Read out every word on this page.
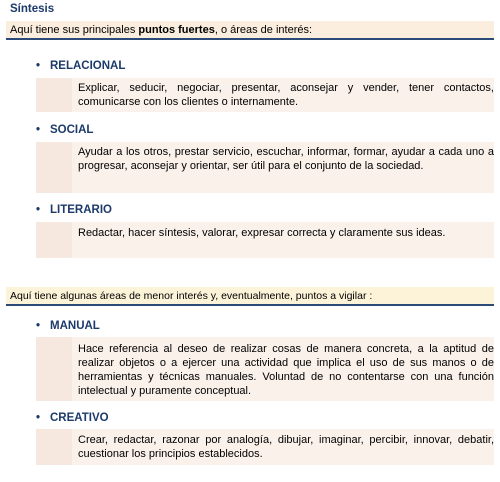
Síntesis
Aquí tiene sus principales puntos fuertes, o áreas de interés:
• RELACIONAL
Explicar, seducir, negociar, presentar, aconsejar y vender, tener contactos, comunicarse con los clientes o internamente.
• SOCIAL
Ayudar a los otros, prestar servicio, escuchar, informar, formar, ayudar a cada uno a progresar, aconsejar y orientar, ser útil para el conjunto de la sociedad.
• LITERARIO
Redactar, hacer síntesis, valorar, expresar correcta y claramente sus ideas.
Aquí tiene algunas áreas de menor interés y, eventualmente, puntos a vigilar :
• MANUAL
Hace referencia al deseo de realizar cosas de manera concreta, a la aptitud de realizar objetos o a ejercer una actividad que implica el uso de sus manos o de herramientas y técnicas manuales. Voluntad de no contentarse con una función intelectual y puramente conceptual.
• CREATIVO
Crear, redactar, razonar por analogía, dibujar, imaginar, percibir, innovar, debatir, cuestionar los principios establecidos.
